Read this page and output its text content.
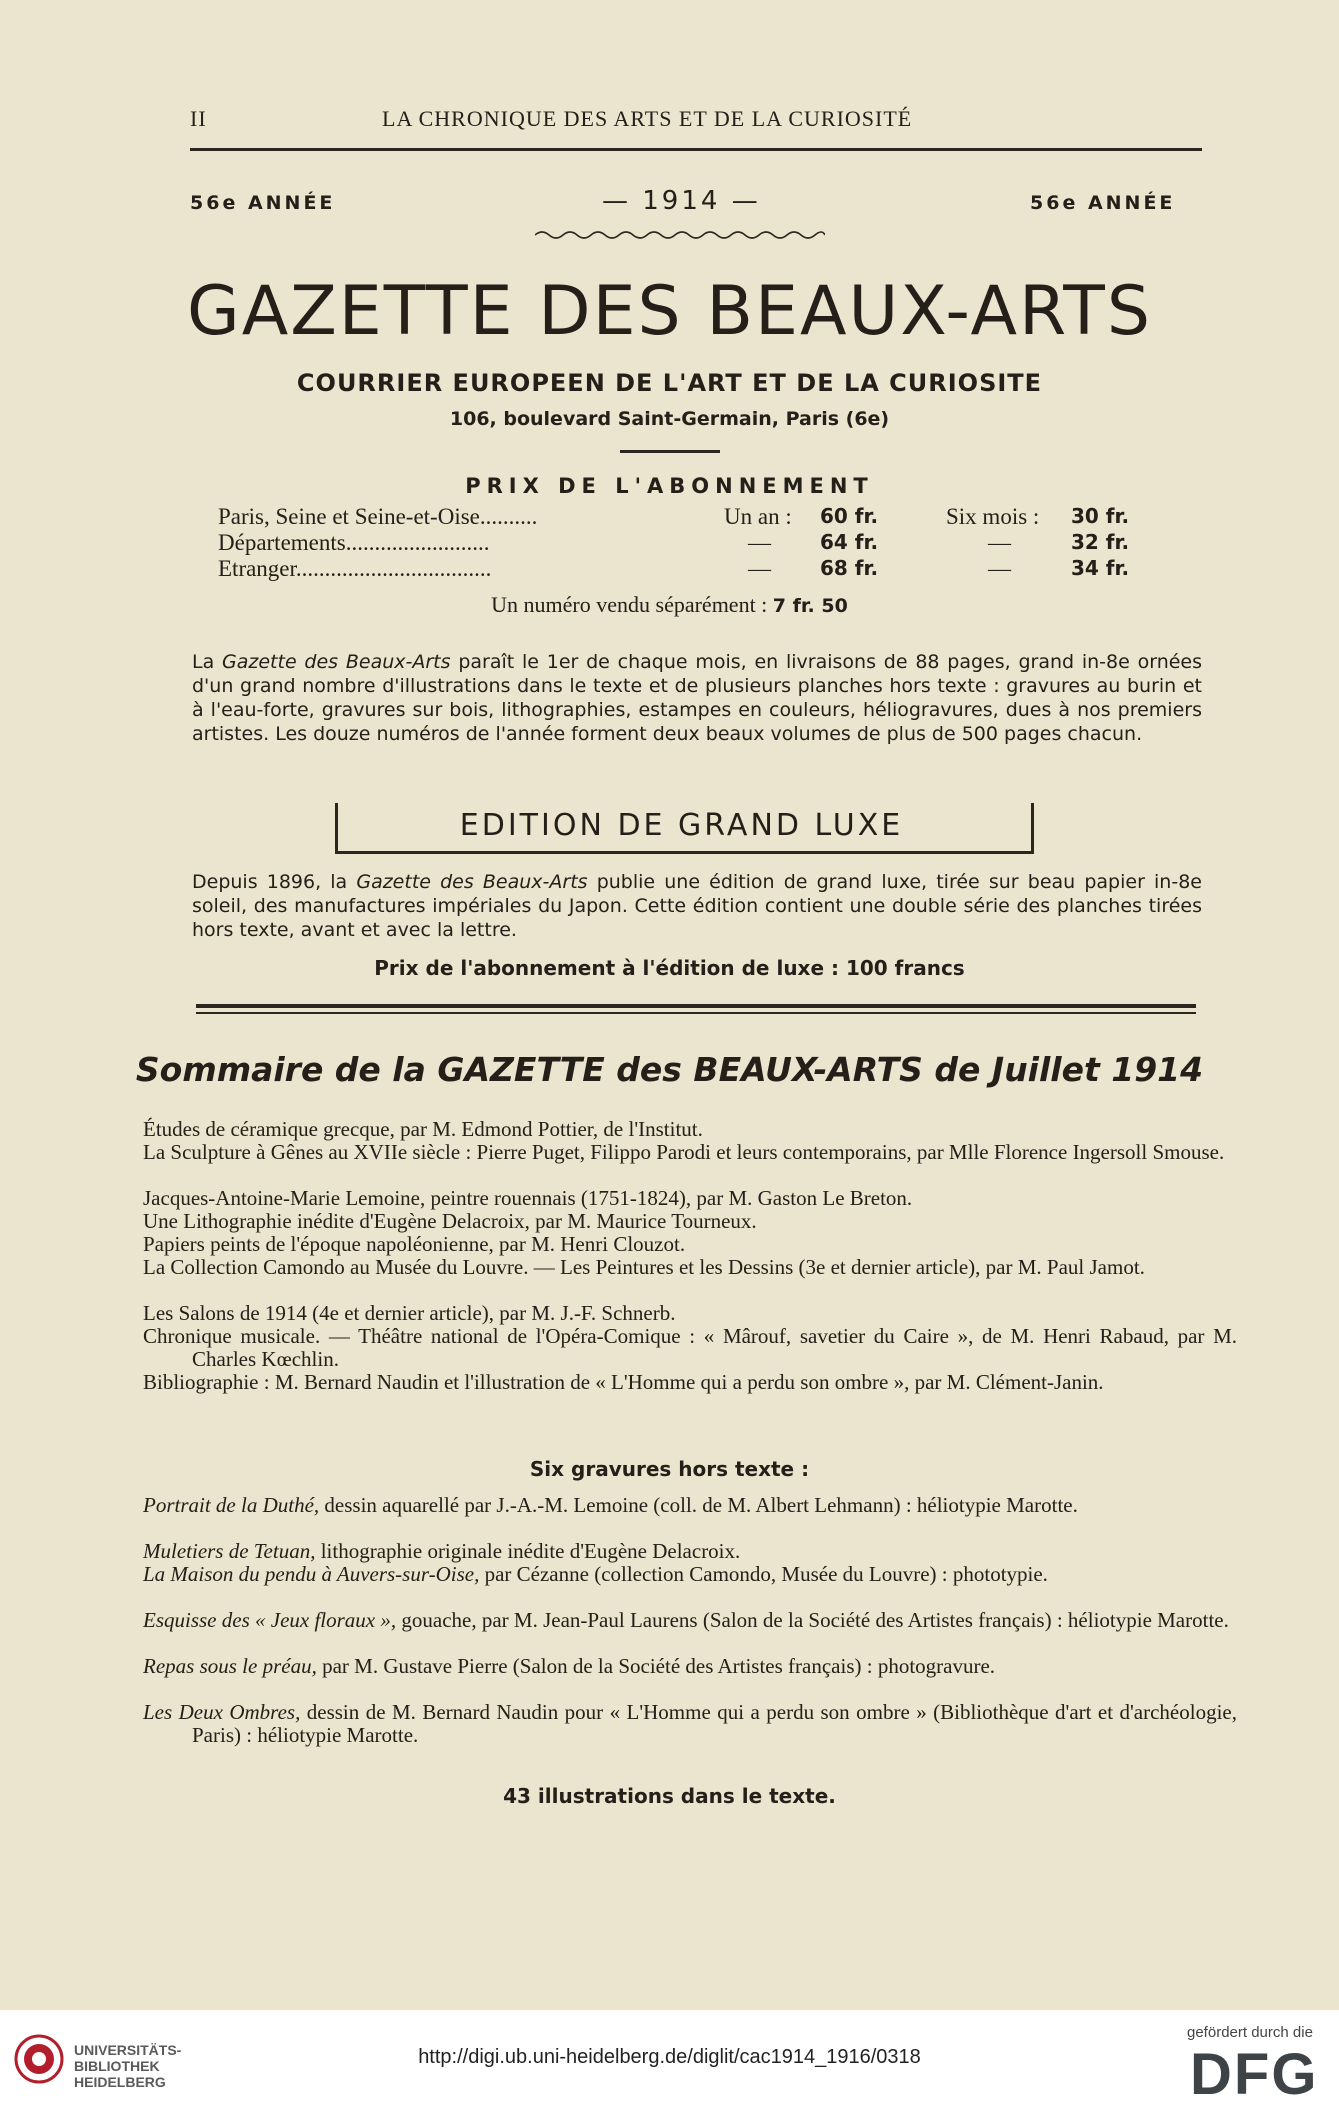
II	LA CHRONIQUE DES ARTS ET DE LA CURIOSITÉ
56e ANNÉE	— 1914 —	56e ANNÉE
GAZETTE DES BEAUX-ARTS
COURRIER EUROPEEN DE L'ART ET DE LA CURIOSITE
106, boulevard Saint-Germain, Paris (6e)
PRIX DE L'ABONNEMENT
Paris, Seine et Seine-et-Oise..........	Un an : 60 fr.	Six mois : 30 fr.
Départements.........................	— 64 fr.	—	32 fr.
Etranger..................................	— 68 fr.	—	34 fr.
Un numéro vendu séparément : 7 fr. 50
La Gazette des Beaux-Arts paraît le 1er de chaque mois, en livraisons de 88 pages, grand in-8e ornées d'un grand nombre d'illustrations dans le texte et de plusieurs planches hors texte : gravures au burin et à l'eau-forte, gravures sur bois, lithographies, estampes en couleurs, héliogravures, dues à nos premiers artistes. Les douze numéros de l'année forment deux beaux volumes de plus de 500 pages chacun.
EDITION DE GRAND LUXE
Depuis 1896, la Gazette des Beaux-Arts publie une édition de grand luxe, tirée sur beau papier in-8e soleil, des manufactures impériales du Japon. Cette édition contient une double série des planches tirées hors texte, avant et avec la lettre.
Prix de l'abonnement à l'édition de luxe : 100 francs
Sommaire de la GAZETTE des BEAUX-ARTS de Juillet 1914
Études de céramique grecque, par M. Edmond Pottier, de l'Institut.
La Sculpture à Gênes au XVIIe siècle : Pierre Puget, Filippo Parodi et leurs contemporains, par Mlle Florence Ingersoll Smouse.
Jacques-Antoine-Marie Lemoine, peintre rouennais (1751-1824), par M. Gaston Le Breton.
Une Lithographie inédite d'Eugène Delacroix, par M. Maurice Tourneux.
Papiers peints de l'époque napoléonienne, par M. Henri Clouzot.
La Collection Camondo au Musée du Louvre. — Les Peintures et les Dessins (3e et dernier article), par M. Paul Jamot.
Les Salons de 1914 (4e et dernier article), par M. J.-F. Schnerb.
Chronique musicale. — Théâtre national de l'Opéra-Comique : « Mârouf, savetier du Caire », de M. Henri Rabaud, par M. Charles Kœchlin.
Bibliographie : M. Bernard Naudin et l'illustration de « L'Homme qui a perdu son ombre », par M. Clément-Janin.
Six gravures hors texte :
Portrait de la Duthé, dessin aquarellé par J.-A.-M. Lemoine (coll. de M. Albert Lehmann) : héliotypie Marotte.
Muletiers de Tetuan, lithographie originale inédite d'Eugène Delacroix.
La Maison du pendu à Auvers-sur-Oise, par Cézanne (collection Camondo, Musée du Louvre) : phototypie.
Esquisse des « Jeux floraux », gouache, par M. Jean-Paul Laurens (Salon de la Société des Artistes français) : héliotypie Marotte.
Repas sous le préau, par M. Gustave Pierre (Salon de la Société des Artistes français) : photogravure.
Les Deux Ombres, dessin de M. Bernard Naudin pour « L'Homme qui a perdu son ombre » (Bibliothèque d'art et d'archéologie, Paris) : héliotypie Marotte.
43 illustrations dans le texte.
UNIVERSITÄTS-
BIBLIOTHEK
HEIDELBERG
http://digi.ub.uni-heidelberg.de/diglit/cac1914_1916/0318
gefördert durch die
DFG
